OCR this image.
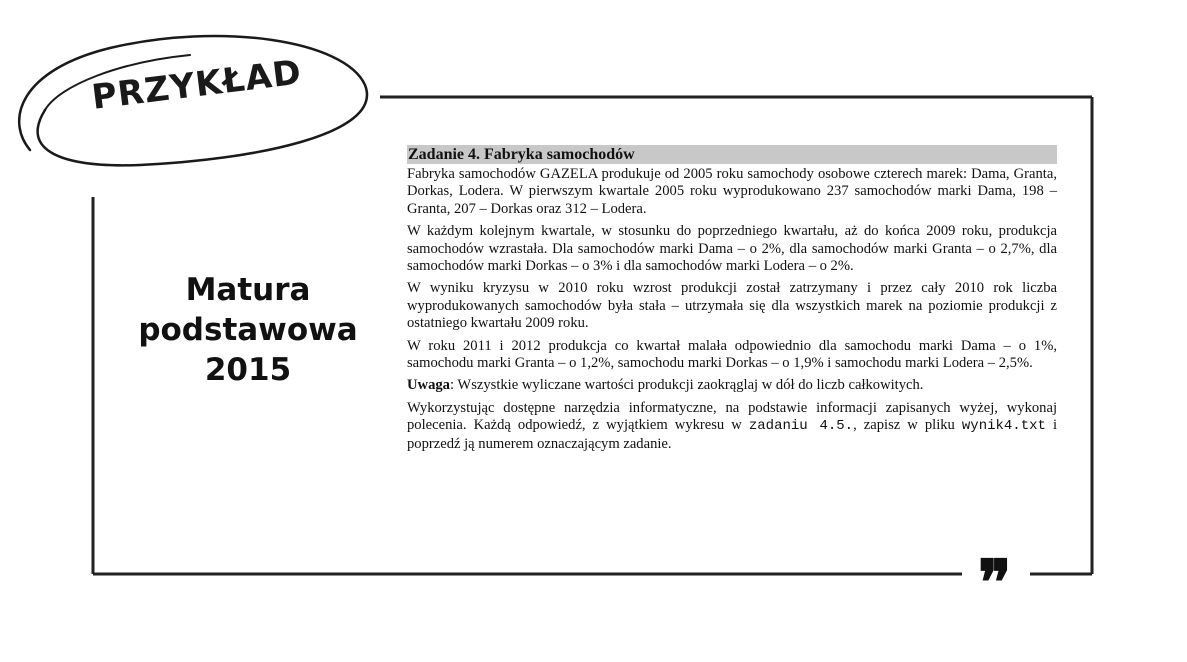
PRZYKŁAD
Matura
podstawowa
2015
Zadanie 4. Fabryka samochodów

Fabryka samochodów GAZELA produkuje od 2005 roku samochody osobowe czterech marek: Dama, Granta, Dorkas, Lodera. W pierwszym kwartale 2005 roku wyprodukowano 237 samochodów marki Dama, 198 – Granta, 207 – Dorkas oraz 312 – Lodera.

W każdym kolejnym kwartale, w stosunku do poprzedniego kwartału, aż do końca 2009 roku, produkcja samochodów wzrastała. Dla samochodów marki Dama – o 2%, dla samochodów marki Granta – o 2,7%, dla samochodów marki Dorkas – o 3% i dla samochodów marki Lodera – o 2%.

W wyniku kryzysu w 2010 roku wzrost produkcji został zatrzymany i przez cały 2010 rok liczba wyprodukowanych samochodów była stała – utrzymała się dla wszystkich marek na poziomie produkcji z ostatniego kwartału 2009 roku.

W roku 2011 i 2012 produkcja co kwartał malała odpowiednio dla samochodu marki Dama – o 1%, samochodu marki Granta – o 1,2%, samochodu marki Dorkas – o 1,9% i samochodu marki Lodera – 2,5%.

Uwaga: Wszystkie wyliczane wartości produkcji zaokrąglaj w dół do liczb całkowitych.

Wykorzystując dostępne narzędzia informatyczne, na podstawie informacji zapisanych wyżej, wykonaj polecenia. Każdą odpowiedź, z wyjątkiem wykresu w zadaniu 4.5., zapisz w pliku wynik4.txt i poprzedź ją numerem oznaczającym zadanie.

❞
